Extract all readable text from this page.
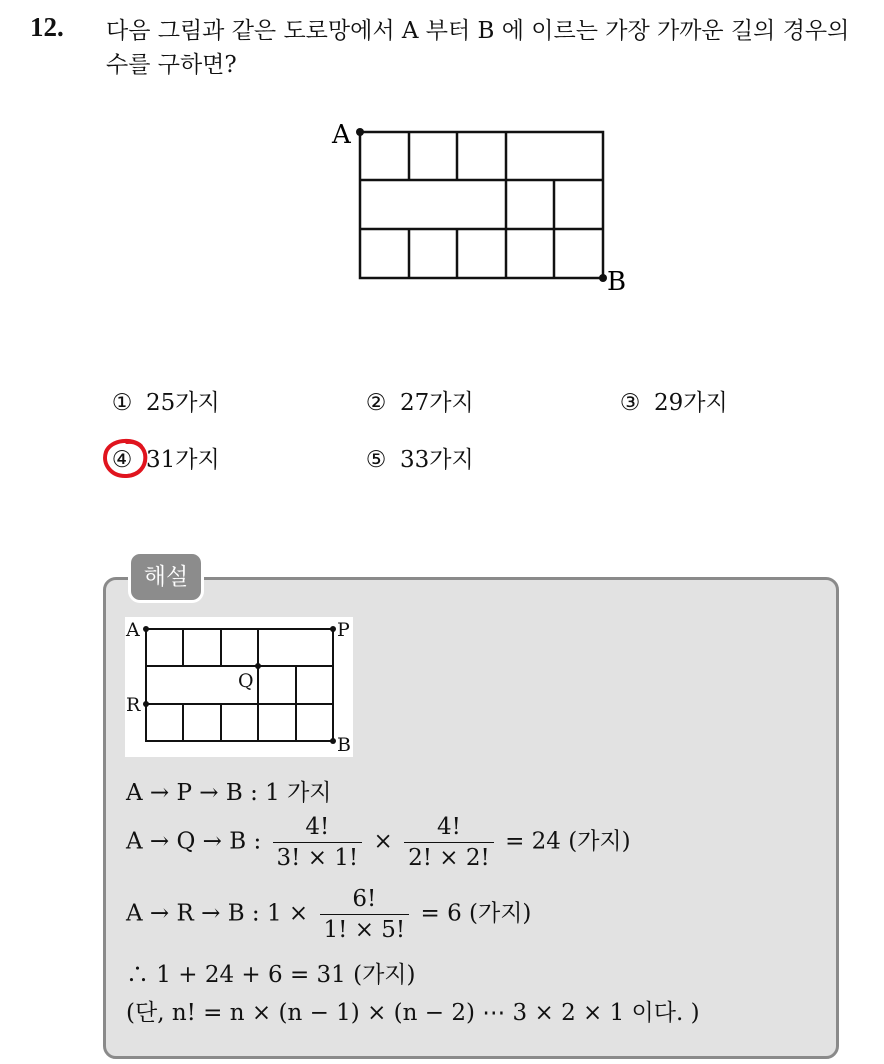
12. 다음 그림과 같은 도로망에서 A 부터 B 에 이르는 가장 가까운 길의 경우의 수를 구하면?
A
B
① 25가지	② 27가지	③ 29가지
④ 31가지	⑤ 33가지
해설
A	P
Q
R
B
A → P → B : 1 가지
A → Q → B : $\frac{4!}{3! \times 1!} \times \frac{4!}{2! \times 2!} = 24$ (가지)
A → R → B : $1 \times \frac{6!}{1! \times 5!} = 6$ (가지)
∴ 1 + 24 + 6 = 31 (가지)
(단, n! = n × (n − 1) × (n − 2) ⋯ 3 × 2 × 1 이다. )
